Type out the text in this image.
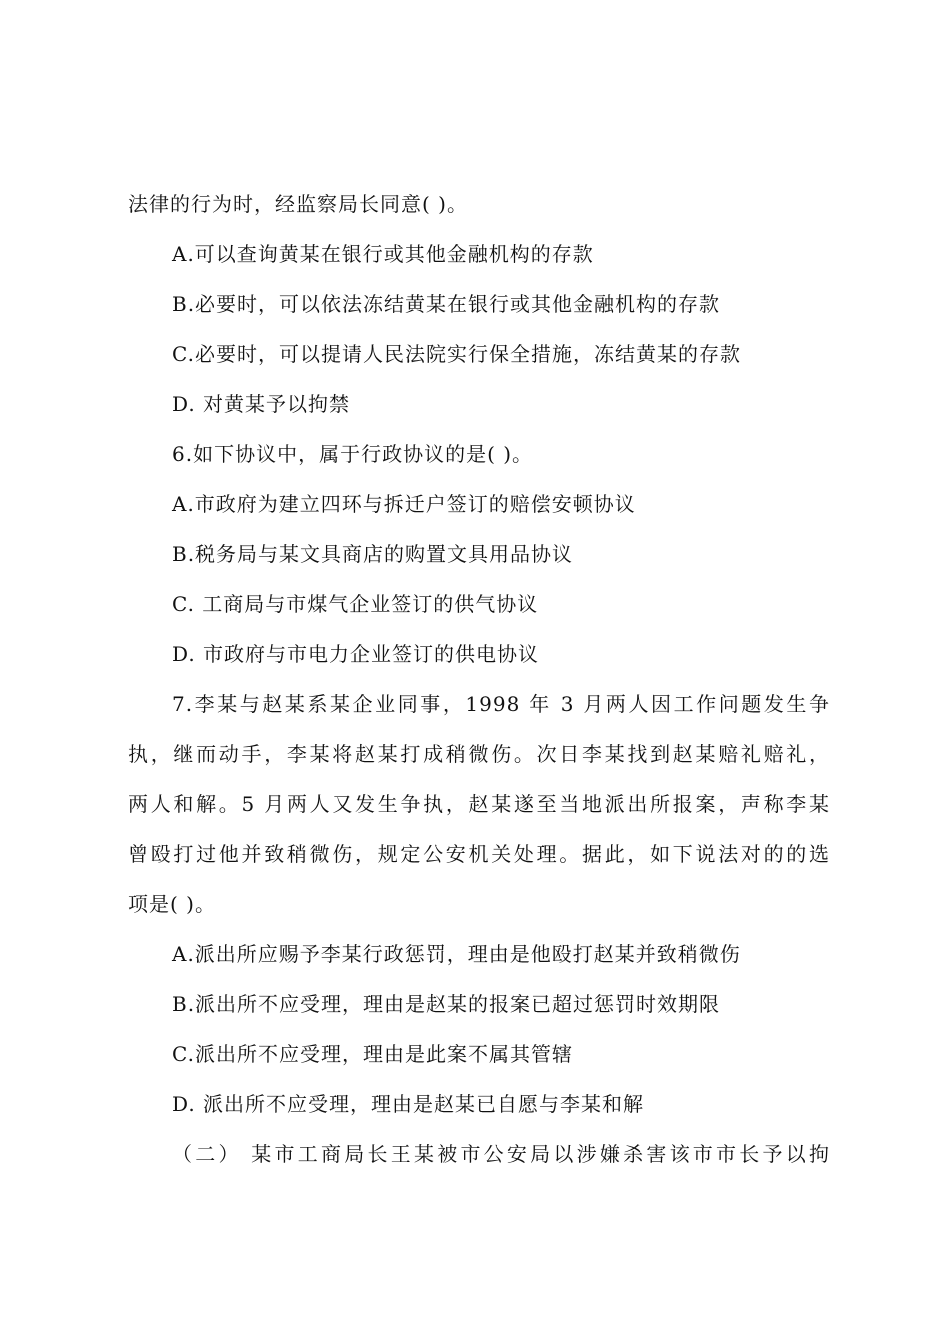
法律的行为时，经监察局长同意( )。
A.可以查询黄某在银行或其他金融机构的存款
B.必要时，可以依法冻结黄某在银行或其他金融机构的存款
C.必要时，可以提请人民法院实行保全措施，冻结黄某的存款
D. 对黄某予以拘禁
6.如下协议中，属于行政协议的是( )。
A.市政府为建立四环与拆迁户签订的赔偿安顿协议
B.税务局与某文具商店的购置文具用品协议
C. 工商局与市煤气企业签订的供气协议
D. 市政府与市电力企业签订的供电协议
7.李某与赵某系某企业同事，1998 年 3 月两人因工作问题发生争
执，继而动手，李某将赵某打成稍微伤。次日李某找到赵某赔礼赔礼，
两人和解。5 月两人又发生争执，赵某遂至当地派出所报案，声称李某
曾殴打过他并致稍微伤，规定公安机关处理。据此，如下说法对的的选
项是( )。
A.派出所应赐予李某行政惩罚，理由是他殴打赵某并致稍微伤
B.派出所不应受理，理由是赵某的报案已超过惩罚时效期限
C.派出所不应受理，理由是此案不属其管辖
D. 派出所不应受理，理由是赵某已自愿与李某和解
（二） 某市工商局长王某被市公安局以涉嫌杀害该市市长予以拘
